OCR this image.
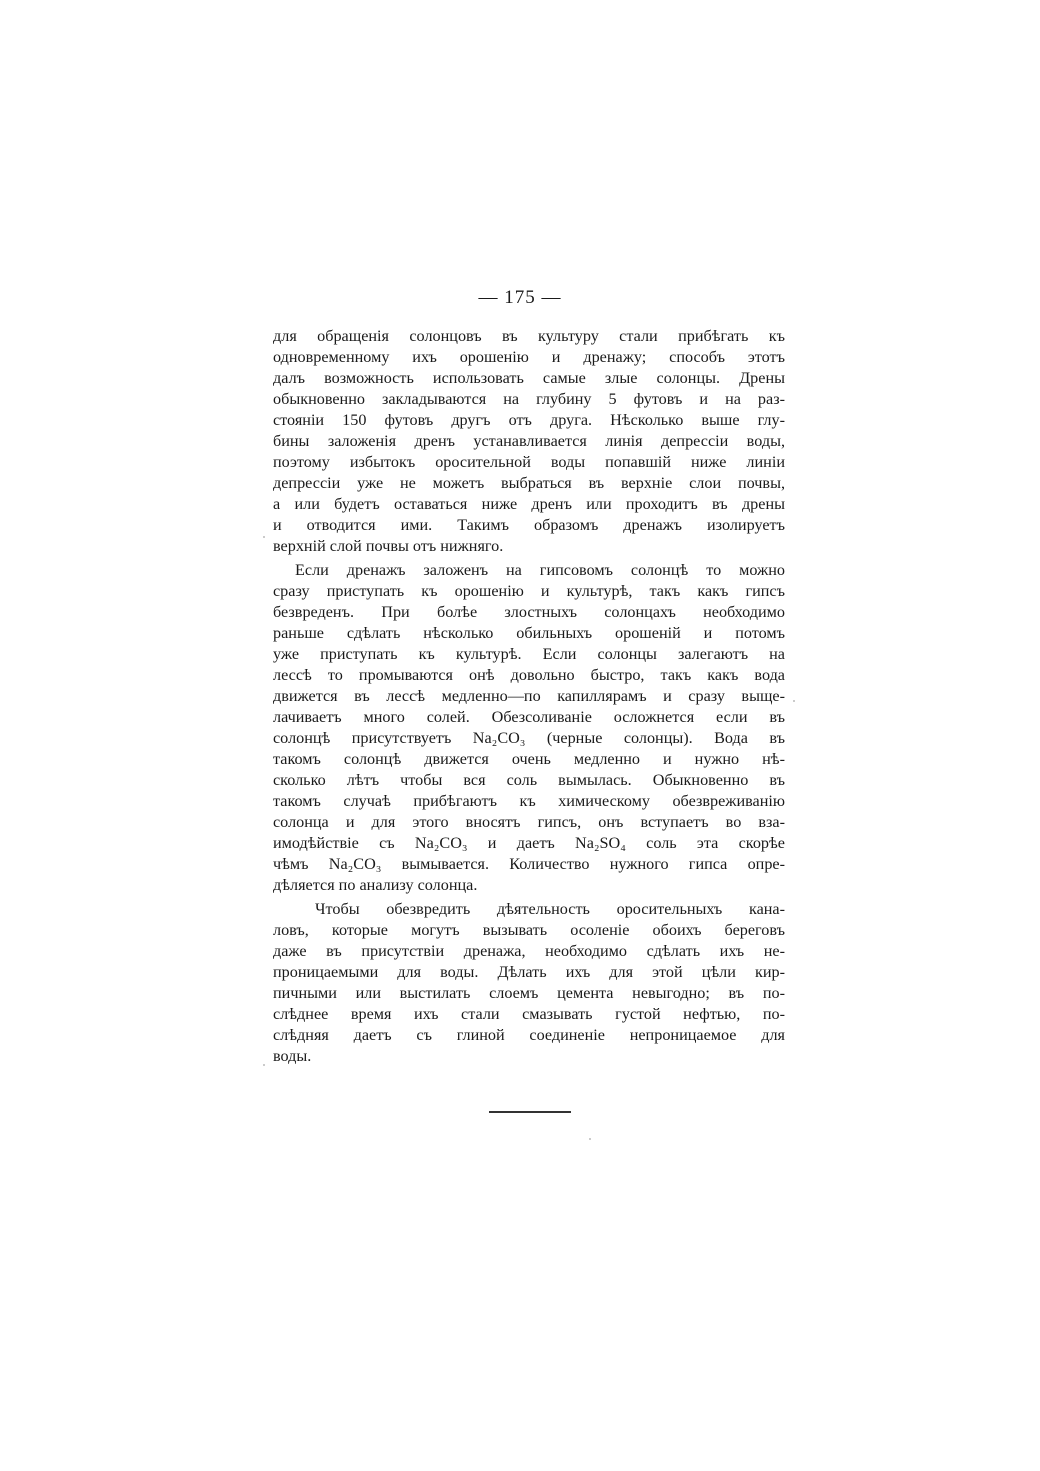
— 175 —
для обращенія солонцовъ въ культуру стали прибѣгать къ
одновременному ихъ орошенію и дренажу; способъ этотъ
далъ возможность использовать самые злые солонцы. Дрены
обыкновенно закладываются на глубину 5 футовъ и на раз-
стояніи 150 футовъ другъ отъ друга. Нѣсколько выше глу-
бины заложенія дренъ устанавливается линія депрессіи воды,
поэтому избытокъ оросительной воды попавшій ниже линіи
депрессіи уже не можетъ выбраться въ верхніе слои почвы,
а или будетъ оставаться ниже дренъ или проходитъ въ дрены
и отводится ими. Такимъ образомъ дренажъ изолируетъ
верхній слой почвы отъ нижняго.
Если дренажъ заложенъ на гипсовомъ солонцѣ то можно
сразу приступать къ орошенію и культурѣ, такъ какъ гипсъ
безвреденъ. При болѣе злостныхъ солонцахъ необходимо
раньше сдѣлать нѣсколько обильныхъ орошеній и потомъ
уже приступать къ культурѣ. Если солонцы залегаютъ на
лессѣ то промываются онѣ довольно быстро, такъ какъ вода
движется въ лессѣ медленно—по капиллярамъ и сразу выще-
лачиваетъ много солей. Обезсоливаніе осложнется если въ
солонцѣ присутствуетъ Na₂CO₃ (черные солонцы). Вода въ
такомъ солонцѣ движется очень медленно и нужно нѣ-
сколько лѣтъ чтобы вся соль вымылась. Обыкновенно въ
такомъ случаѣ прибѣгаютъ къ химическому обезвреживанію
солонца и для этого вносятъ гипсъ, онъ вступаетъ во вза-
имодѣйствіе съ Na₂CO₃ и даетъ Na₂SO₄ соль эта скорѣе
чѣмъ Na₂CO₃ вымывается. Количество нужного гипса опре-
дѣляется по анализу солонца.
Чтобы обезвредить дѣятельность оросительныхъ кана-
ловъ, которые могутъ вызывать осоленіе обоихъ береговъ
даже въ присутствіи дренажа, необходимо сдѣлать ихъ не-
проницаемыми для воды. Дѣлать ихъ для этой цѣли кир-
пичными или выстилать слоемъ цемента невыгодно; въ по-
слѣднее время ихъ стали смазывать густой нефтью, по-
слѣдняя даетъ съ глиной соединеніе непроницаемое для
воды.
